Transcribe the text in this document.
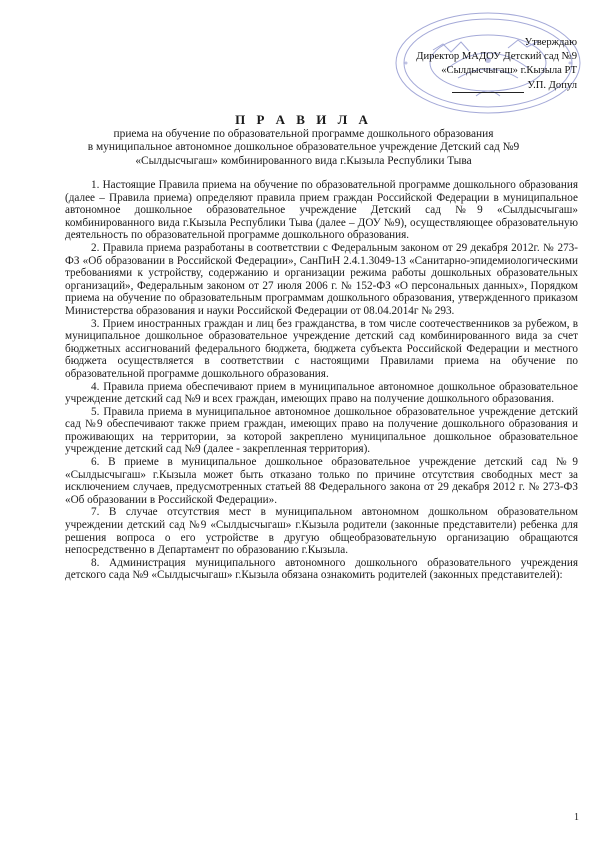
Утверждаю
Директор МАДОУ Детский сад №9
«Сылдысчыгаш» г.Кызыла РТ
У.П. Допул
П Р А В И Л А
приема на обучение по образовательной программе дошкольного образования
в муниципальное автономное дошкольное образовательное учреждение Детский сад №9
«Сылдысчыгаш» комбинированного вида г.Кызыла Республики Тыва

1. Настоящие Правила приема на обучение по образовательной программе дошкольного образования (далее – Правила приема) определяют правила прием граждан Российской Федерации в муниципальное автономное дошкольное образовательное учреждение Детский сад №9 «Сылдысчыгаш» комбинированного вида г.Кызыла Республики Тыва (далее – ДОУ №9), осуществляющее образовательную деятельность по образовательной программе дошкольного образования.

2. Правила приема разработаны в соответствии с Федеральным законом от 29 декабря 2012г. № 273-ФЗ «Об образовании в Российской Федерации», СанПиН 2.4.1.3049-13 «Санитарно-эпидемиологическими требованиями к устройству, содержанию и организации режима работы дошкольных образовательных организаций», Федеральным законом от 27 июля 2006 г. № 152-ФЗ «О персональных данных», Порядком приема на обучение по образовательным программам дошкольного образования, утвержденного приказом Министерства образования и науки Российской Федерации от 08.04.2014г № 293.

3. Прием иностранных граждан и лиц без гражданства, в том числе соотечественников за рубежом, в муниципальное дошкольное образовательное учреждение детский сад комбинированного вида за счет бюджетных ассигнований федерального бюджета, бюджета субъекта Российской Федерации и местного бюджета осуществляется в соответствии с настоящими Правилами приема на обучение по образовательной программе дошкольного образования.

4. Правила приема обеспечивают прием в муниципальное автономное дошкольное образовательное учреждение детский сад №9 и всех граждан, имеющих право на получение дошкольного образования.

5. Правила приема в муниципальное автономное дошкольное образовательное учреждение детский сад №9 обеспечивают также прием граждан, имеющих право на получение дошкольного образования и проживающих на территории, за которой закреплено муниципальное дошкольное образовательное учреждение детский сад №9 (далее - закрепленная территория).

6. В приеме в муниципальное дошкольное образовательное учреждение детский сад №9 «Сылдысчыгаш» г.Кызыла может быть отказано только по причине отсутствия свободных мест за исключением случаев, предусмотренных статьей 88 Федерального закона от 29 декабря 2012 г. № 273-ФЗ «Об образовании в Российской Федерации».

7. В случае отсутствия мест в муниципальном автономном дошкольном образовательном учреждении детский сад №9 «Сылдысчыгаш» г.Кызыла родители (законные представители) ребенка для решения вопроса о его устройстве в другую общеобразовательную организацию обращаются непосредственно в Департамент по образованию г.Кызыла.

8. Администрация муниципального автономного дошкольного образовательного учреждения детского сада №9 «Сылдысчыгаш» г.Кызыла обязана ознакомить родителей (законных представителей):

1
